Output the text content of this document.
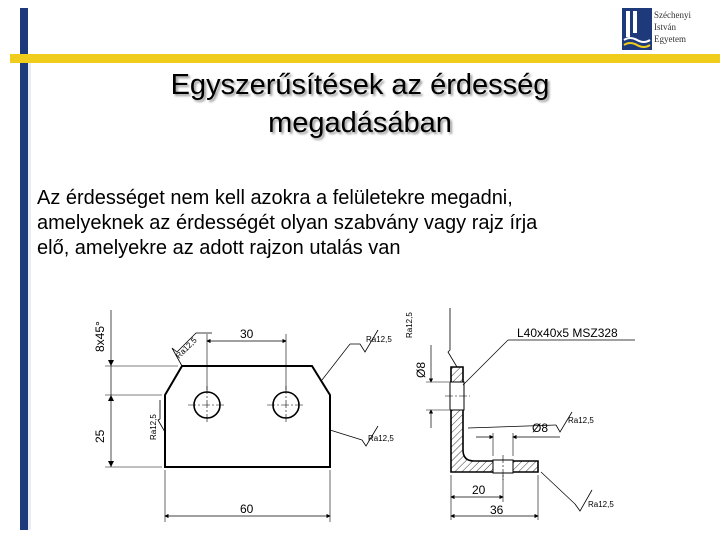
Széchenyi
István
Egyetem
Egyszerűsítések az érdesség
megadásában
Az érdességet nem kell azokra a felületekre megadni,
amelyeknek az érdességét olyan szabvány vagy rajz írja
elő, amelyekre az adott rajzon utalás van
30
60
8x45°
25
Ra12,5
Ra12,5
Ra12,5
Ra12,5
20
36
Ø8
Ø8
L40x40x5 MSZ328
Ra12,5
Ra12,5
Ra12,5
